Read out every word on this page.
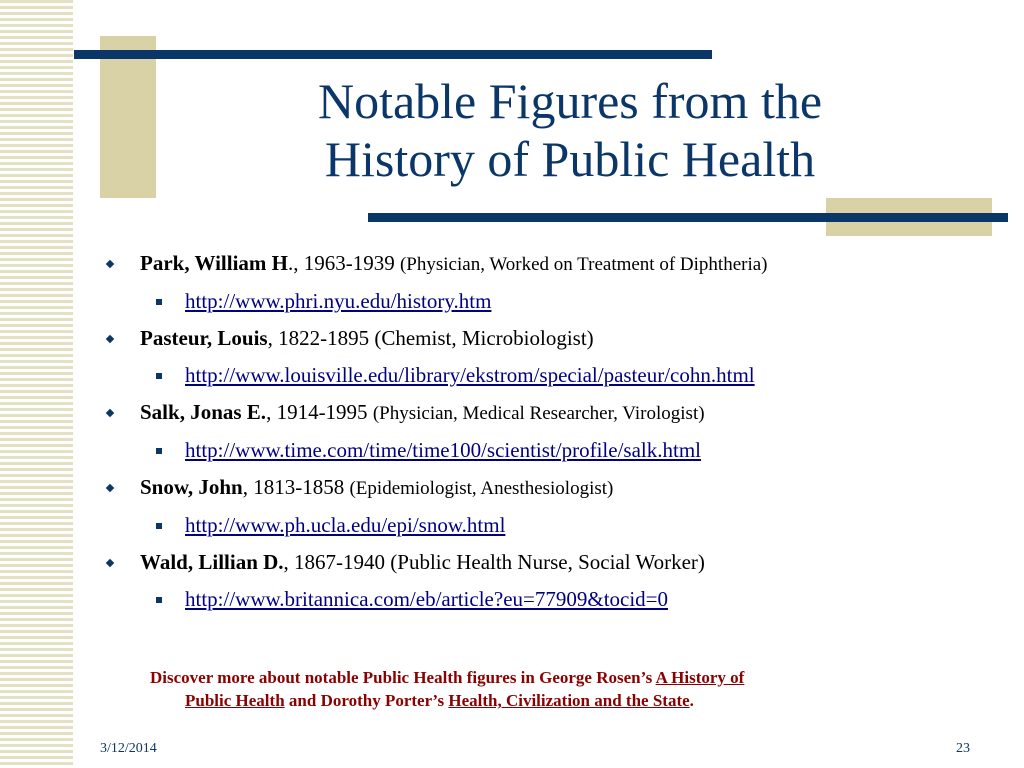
Notable Figures from the
History of Public Health
Park, William H., 1963-1939 (Physician, Worked on Treatment of Diphtheria)
http://www.phri.nyu.edu/history.htm
Pasteur, Louis, 1822-1895 (Chemist, Microbiologist)
http://www.louisville.edu/library/ekstrom/special/pasteur/cohn.html
Salk, Jonas E., 1914-1995 (Physician, Medical Researcher, Virologist)
http://www.time.com/time/time100/scientist/profile/salk.html
Snow, John, 1813-1858 (Epidemiologist, Anesthesiologist)
http://www.ph.ucla.edu/epi/snow.html
Wald, Lillian D., 1867-1940 (Public Health Nurse, Social Worker)
http://www.britannica.com/eb/article?eu=77909&tocid=0
Discover more about notable Public Health figures in George Rosen’s A History of
Public Health and Dorothy Porter’s Health, Civilization and the State.
3/12/2014	23
